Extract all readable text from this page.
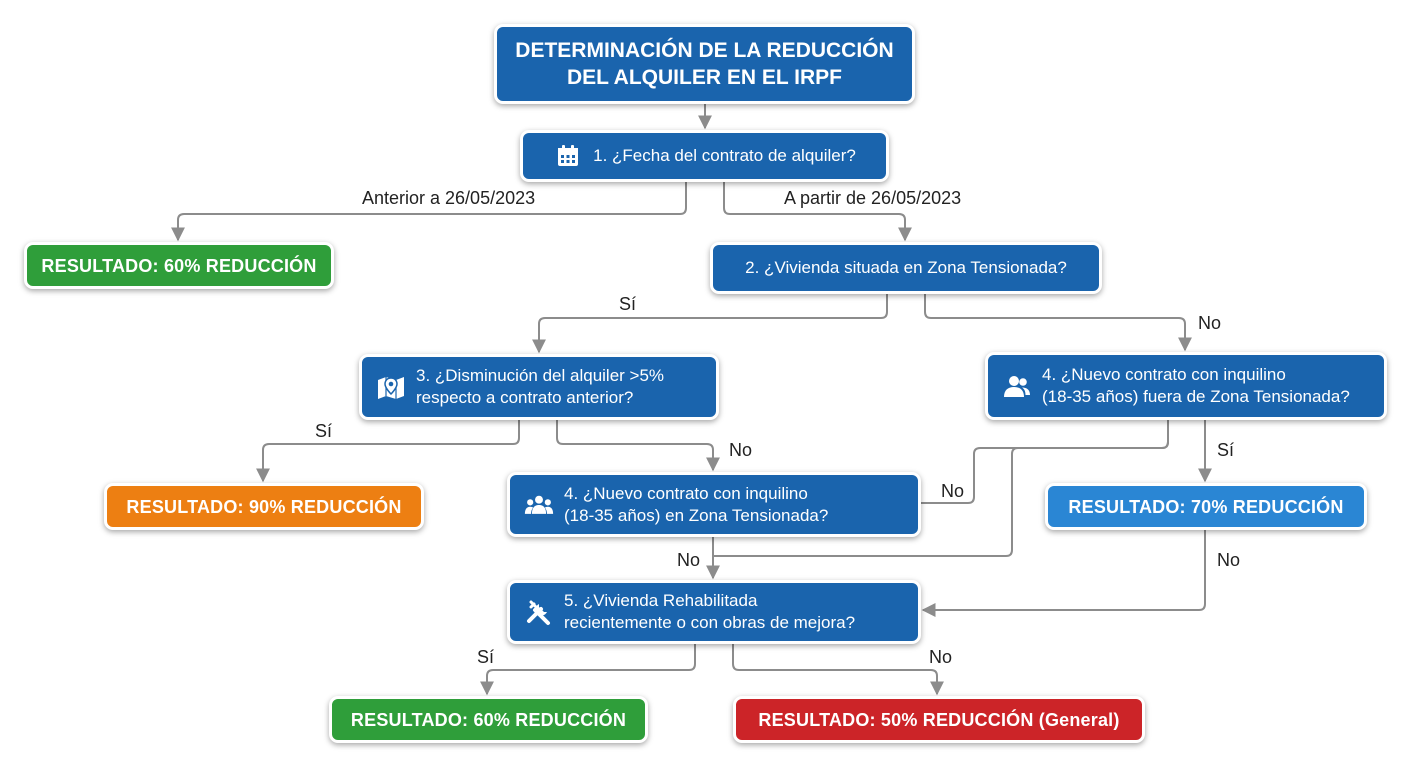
DETERMINACIÓN DE LA REDUCCIÓN
DEL ALQUILER EN EL IRPF
1. ¿Fecha del contrato de alquiler?
RESULTADO: 60% REDUCCIÓN	2. ¿Vivienda situada en Zona Tensionada?
3. ¿Disminución del alquiler >5%
respecto a contrato anterior?
4. ¿Nuevo contrato con inquilino
(18-35 años) fuera de Zona Tensionada?
RESULTADO: 90% REDUCCIÓN
4. ¿Nuevo contrato con inquilino
(18-35 años) en Zona Tensionada?	RESULTADO: 70% REDUCCIÓN
5. ¿Vivienda Rehabilitada
recientemente o con obras de mejora?
RESULTADO: 60% REDUCCIÓN	RESULTADO: 50% REDUCCIÓN (General)
Anterior a 26/05/2023	A partir de 26/05/2023
Sí
No
Sí
No	Sí
No
No	No
Sí	No
